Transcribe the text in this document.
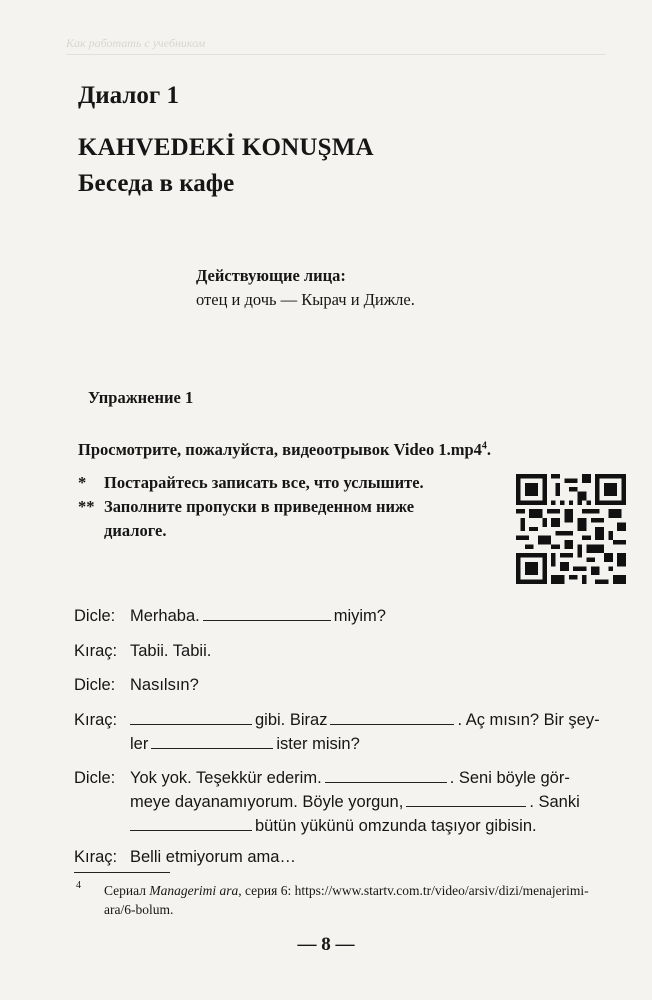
Как работать с учебником
Диалог 1
KAHVEDEKİ KONUŞMA
Беседа в кафе
Действующие лица:
отец и дочь — Кырач и Дижле.
Упражнение 1
Просмотрите, пожалуйста, видеоотрывок Video $1.mp4^4$.
* Постарайтесь записать все, что услышите.
** Заполните пропуски в приведенном ниже
диалоге.
Dicle: Merhaba.	miyim?
Kıraç: Tabii. Tabii.
Dicle: Nasılsın?
Kıraç:	gibi. Biraz	. Aç mısın? Bir şey-
ler	ister misin?
Dicle: Yok yok. Teşekkür ederim.	. Seni böyle gör-
meye dayanamıyorum. Böyle yorgun,	. Sanki
bütün yükünü omzunda taşıyor gibisin.
Kıraç: Belli etmiyorum ama…
4 Сериал Managerimi ara, серия 6: https://www.startv.com.tr/video/arsiv/dizi/menajerimi-ara/6-bolum.
— 8 —
